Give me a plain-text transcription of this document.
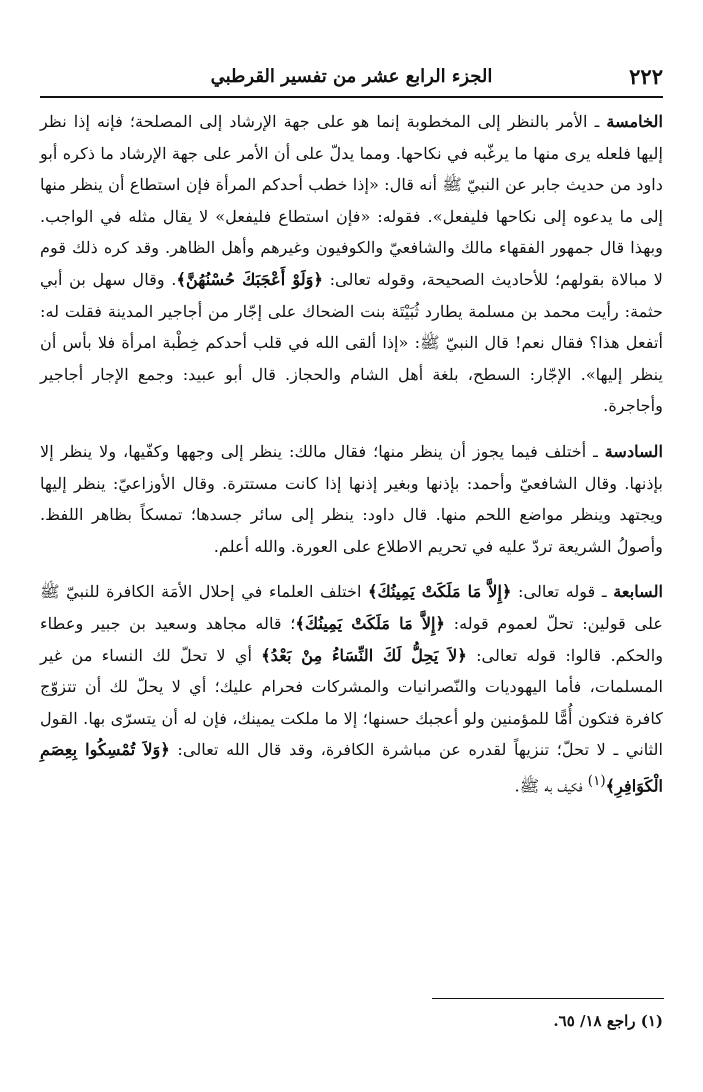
٢٢٢
الجزء الرابع عشر من تفسير القرطبي

الخامسة ـ الأمر بالنظر إلى المخطوبة إنما هو على جهة الإرشاد إلى المصلحة؛ فإنه إذا نظر إليها فلعله يرى منها ما يرغّبه في نكاحها. ومما يدلّ على أن الأمر على جهة الإرشاد ما ذكره أبو داود من حديث جابر عن النبيّ ﷺ أنه قال: «إذا خطب أحدكم المرأة فإن استطاع أن ينظر منها إلى ما يدعوه إلى نكاحها فليفعل». فقوله: «فإن استطاع فليفعل» لا يقال مثله في الواجب. وبهذا قال جمهور الفقهاء مالك والشافعيّ والكوفيون وغيرهم وأهل الظاهر. وقد كره ذلك قوم لا مبالاة بقولهم؛ للأحاديث الصحيحة، وقوله تعالى: ﴿وَلَوْ أَعْجَبَكَ حُسْنُهُنَّ﴾. وقال سهل بن أبي حثمة: رأيت محمد بن مسلمة يطارد ثُبَيْتَة بنت الضحاك على إجّار من أجاجير المدينة فقلت له: أتفعل هذا؟ فقال نعم! قال النبيّ ﷺ: «إذا ألقى الله في قلب أحدكم خِطْبة امرأة فلا بأس أن ينظر إليها». الإجّار: السطح، بلغة أهل الشام والحجاز. قال أبو عبيد: وجمع الإجار أجاجير وأجاجرة.

السادسة ـ أختلف فيما يجوز أن ينظر منها؛ فقال مالك: ينظر إلى وجهها وكفّيها، ولا ينظر إلا بإذنها. وقال الشافعيّ وأحمد: بإذنها وبغير إذنها إذا كانت مستترة. وقال الأوزاعيّ: ينظر إليها ويجتهد وينظر مواضع اللحم منها. قال داود: ينظر إلى سائر جسدها؛ تمسكاً بظاهر اللفظ. وأصولُ الشريعة تردّ عليه في تحريم الاطلاع على العورة. والله أعلم.

السابعة ـ قوله تعالى: ﴿إِلاَّ مَا مَلَكَتْ يَمِينُكَ﴾ اختلف العلماء في إحلال الأمَة الكافرة للنبيّ ﷺ على قولين: تحلّ لعموم قوله: ﴿إِلاَّ مَا مَلَكَتْ يَمِينُكَ﴾؛ قاله مجاهد وسعيد بن جبير وعطاء والحكم. قالوا: قوله تعالى: ﴿لاَ يَحِلُّ لَكَ النِّسَاءُ مِنْ بَعْدُ﴾ أي لا تحلّ لك النساء من غير المسلمات، فأما اليهوديات والنّصرانيات والمشركات فحرام عليك؛ أي لا يحلّ لك أن تتزوّج كافرة فتكون أُمًّا للمؤمنين ولو أعجبك حسنها؛ إلا ما ملكت يمينك، فإن له أن يتسرّى بها. القول الثاني ـ لا تحلّ؛ تنزيهاً لقدره عن مباشرة الكافرة، وقد قال الله تعالى: ﴿وَلاَ تُمْسِكُوا بِعِصَمِ الْكَوَافِرِ﴾$^{(١)}$ فكيف به ﷺ.

(١) راجع ١٨/ ٦٥.
